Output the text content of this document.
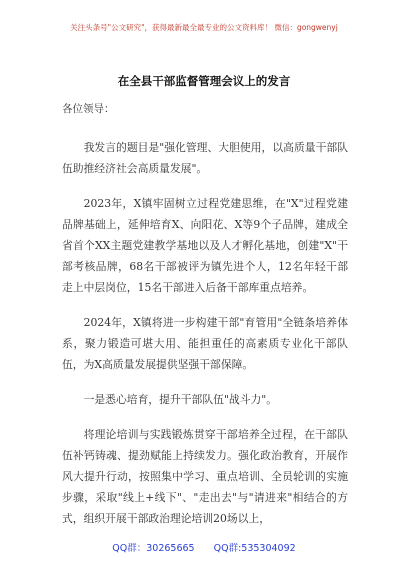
关注头条号"公文研究"，获得最新最全最专业的公文资料库！ 微信：gongwenyj
在全县干部监督管理会议上的发言
各位领导：

我发言的题目是"强化管理、大胆使用，以高质量干部队伍助推经济社会高质量发展"。

2023年，X镇牢固树立过程党建思维，在"X"过程党建品牌基础上，延伸培育X、向阳花、X等9个子品牌，建成全省首个XX主题党建教学基地以及人才孵化基地，创建"X"干部考核品牌，68名干部被评为镇先进个人，12名年轻干部走上中层岗位，15名干部进入后备干部库重点培养。

2024年，X镇将进一步构建干部"育管用"全链条培养体系，聚力锻造可堪大用、能担重任的高素质专业化干部队伍，为X高质量发展提供坚强干部保障。

一是悉心培育，提升干部队伍"战斗力"。

将理论培训与实践锻炼贯穿干部培养全过程，在干部队伍补钙铸魂、提劲赋能上持续发力。强化政治教育，开展作风大提升行动，按照集中学习、重点培训、全员轮训的实施步骤，采取"线上+线下"、"走出去"与"请进来"相结合的方式，组织开展干部政治理论培训20场以上，

QQ群：30265665 QQ群:535304092
